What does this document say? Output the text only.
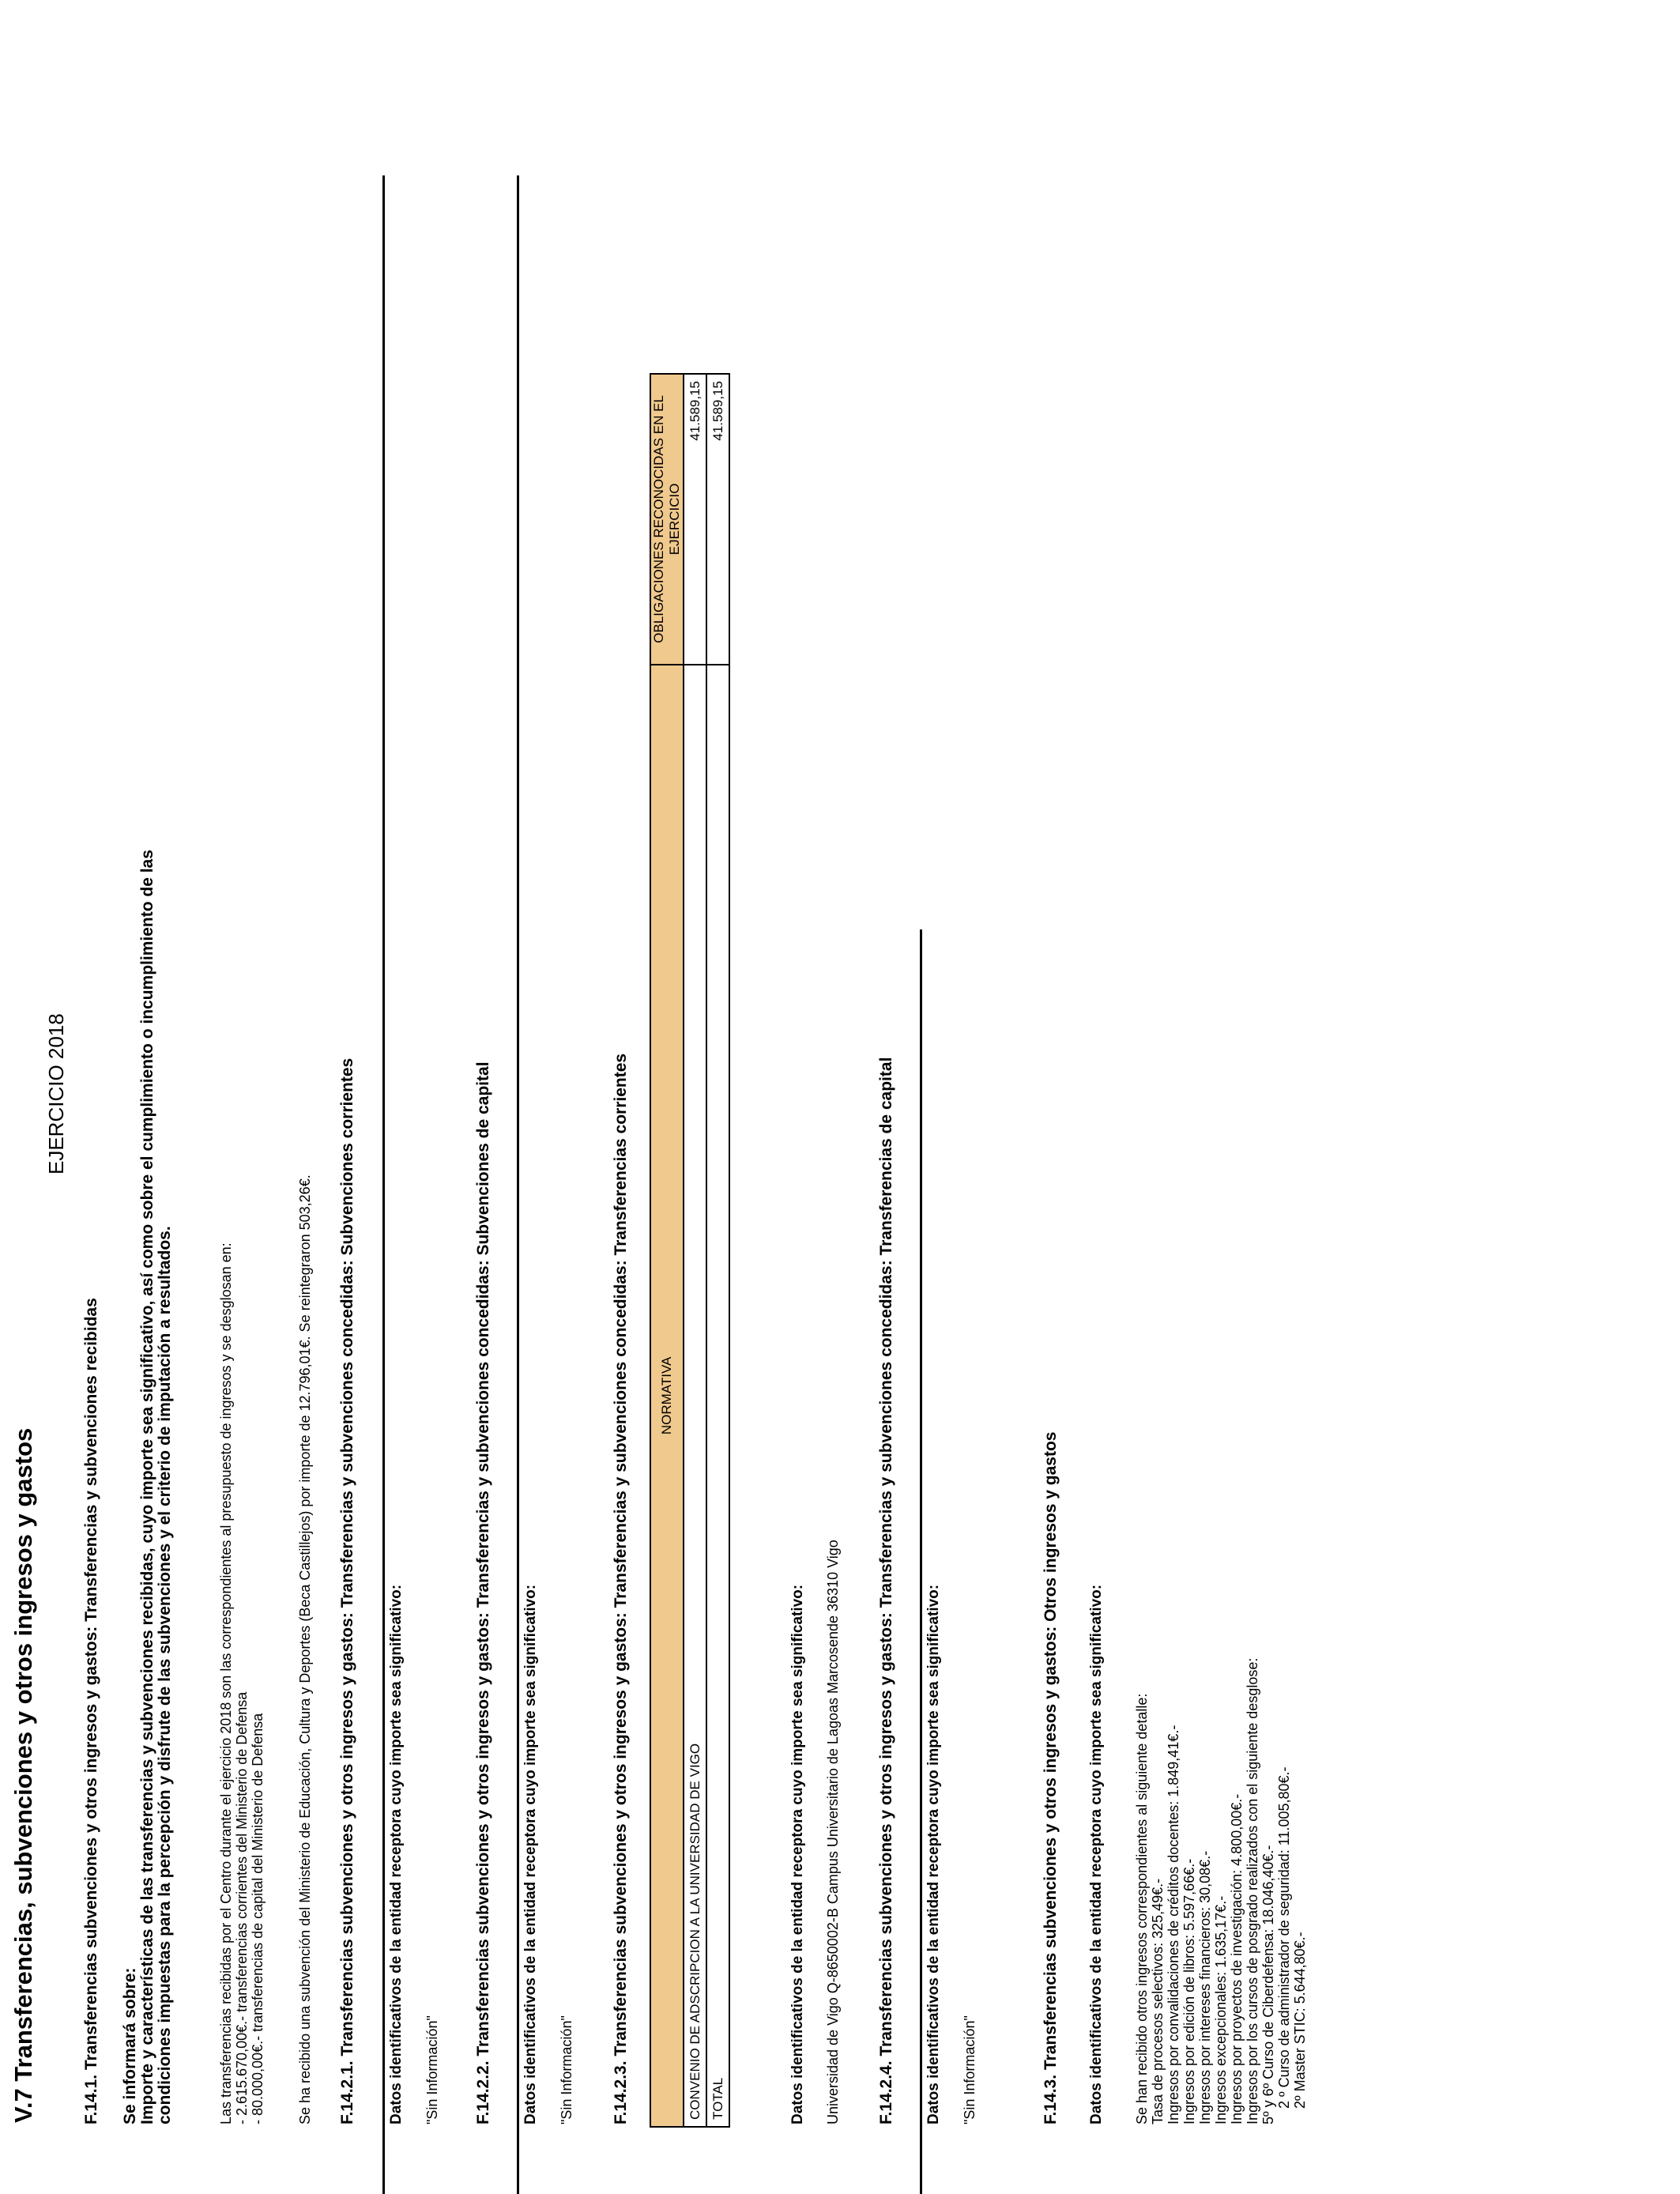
V.7 Transferencias, subvenciones y otros ingresos y gastos
EJERCICIO 2018
F.14.1. Transferencias subvenciones y otros ingresos y gastos: Transferencias y subvenciones recibidas Se informará sobre: Importe y características de las transferencias y subvenciones recibidas, cuyo importe sea significativo, así como sobre el cumplimiento o incumplimiento de las condiciones impuestas para la percepción y disfrute de las subvenciones y el criterio de imputación a resultados.	Las transferencias recibidas por el Centro durante el ejercicio 2018 son las correspondientes al presupuesto de ingresos y se desglosan en: - 2.615.670,00€.- transferencias corrientes del Ministerio de Defensa - 80.000,00€.- transferencias de capital del Ministerio de Defensa Se ha recibido una subvención del Ministerio de Educación, Cultura y Deportes (Beca Castillejos) por importe de 12.796,01€. Se reintegraron 503,26€. F.14.2.1. Transferencias subvenciones y otros ingresos y gastos: Transferencias y subvenciones concedidas: Subvenciones corrientes Datos identificativos de la entidad receptora cuyo importe sea significativo: "Sin Información" F.14.2.2. Transferencias subvenciones y otros ingresos y gastos: Transferencias y subvenciones concedidas: Subvenciones de capital Datos identificativos de la entidad receptora cuyo importe sea significativo: "Sin Información" F.14.2.3. Transferencias subvenciones y otros ingresos y gastos: Transferencias y subvenciones concedidas: Transferencias corrientes NORMATIVA	OBLIGACIONES RECONOCIDAS EN EL EJERCICIO
CONVENIO DE ADSCRIPCION A LA UNIVERSIDAD DE VIGO	41.589,15
TOTAL	41.589,15
Datos identificativos de la entidad receptora cuyo importe sea significativo: Universidad de Vigo Q-8650002-B Campus Universitario de Lagoas Marcosende 36310 Vigo F.14.2.4. Transferencias subvenciones y otros ingresos y gastos: Transferencias y subvenciones concedidas: Transferencias de capital Datos identificativos de la entidad receptora cuyo importe sea significativo: "Sin Información"	F.14.3. Transferencias subvenciones y otros ingresos y gastos: Otros ingresos y gastos Datos identificativos de la entidad receptora cuyo importe sea significativo: Se han recibido otros ingresos correspondientes al siguiente detalle: Tasa de procesos selectivos: 325,49€.- Ingresos por convalidaciones de créditos docentes: 1.849,41€.- Ingresos por edición de libros: 5.597,66€.- Ingresos por intereses financieros: 30,08€.- Ingresos excepcionales: 1.635,17€.- Ingresos por proyectos de investigación: 4.800,00€.- Ingresos por los cursos de posgrado realizados con el siguiente desglose: 5º y 6º Curso de Ciberdefensa: 18.046,40€.- 2 º Curso de administrador de seguridad: 11.005,80€.- 2º Master STIC: 5.644,80€.-
